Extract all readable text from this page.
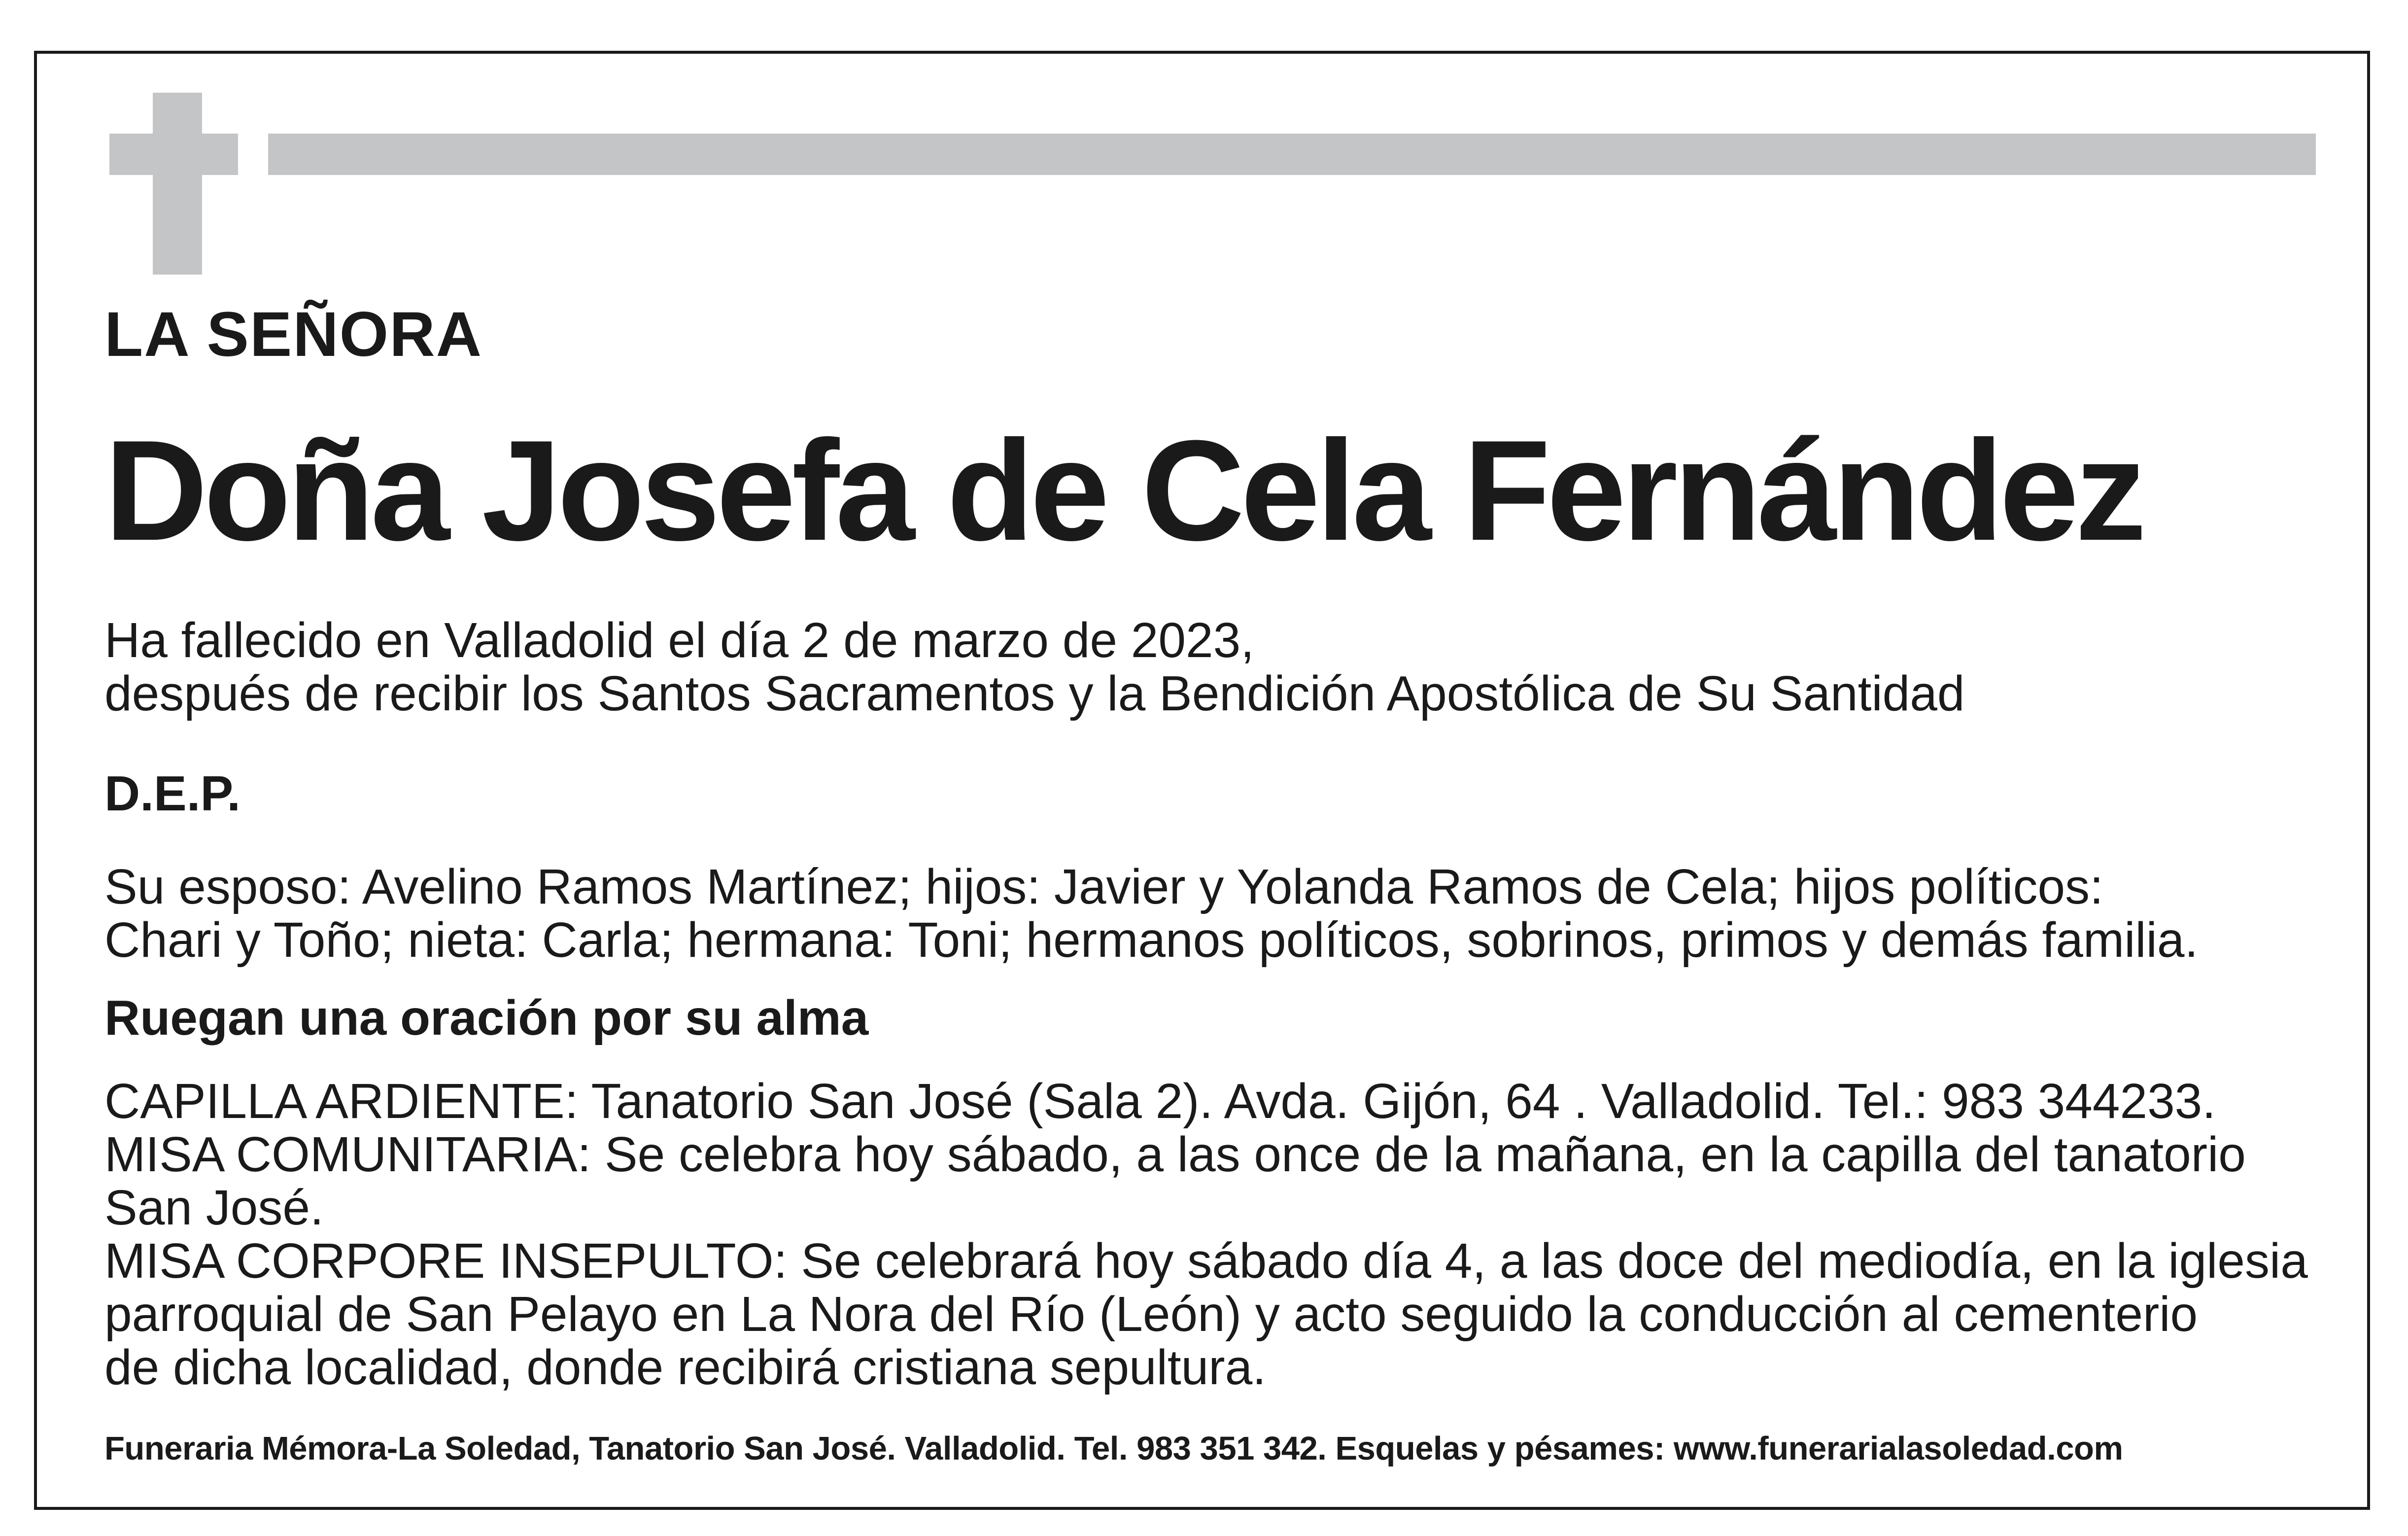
LA SEÑORA
Doña Josefa de Cela Fernández
Ha fallecido en Valladolid el día 2 de marzo de 2023,
después de recibir los Santos Sacramentos y la Bendición Apostólica de Su Santidad
D.E.P.
Su esposo: Avelino Ramos Martínez; hijos: Javier y Yolanda Ramos de Cela; hijos políticos:
Chari y Toño; nieta: Carla; hermana: Toni; hermanos políticos, sobrinos, primos y demás familia.
Ruegan una oración por su alma
CAPILLA ARDIENTE: Tanatorio San José (Sala 2). Avda. Gijón, 64 . Valladolid. Tel.: 983 344233.
MISA COMUNITARIA: Se celebra hoy sábado, a las once de la mañana, en la capilla del tanatorio
San José.
MISA CORPORE INSEPULTO: Se celebrará hoy sábado día 4, a las doce del mediodía, en la iglesia
parroquial de San Pelayo en La Nora del Río (León) y acto seguido la conducción al cementerio
de dicha localidad, donde recibirá cristiana sepultura.
Funeraria Mémora-La Soledad, Tanatorio San José. Valladolid. Tel. 983 351 342. Esquelas y pésames: www.funerarialasoledad.com
